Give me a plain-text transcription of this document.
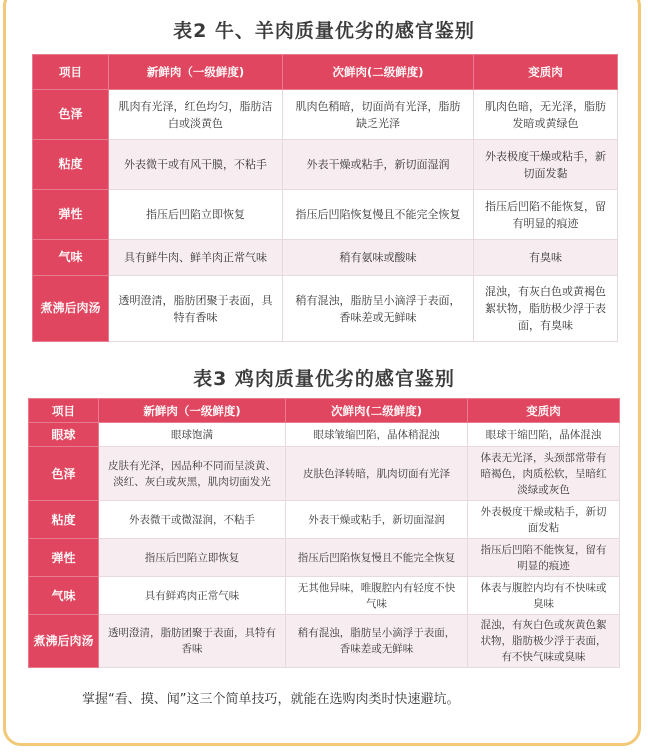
表2 牛、羊肉质量优劣的感官鉴别
项目	新鲜肉（一级鲜度)	次鲜肉(二级鲜度)	变质肉
色泽	肌肉有光泽，红色均匀，脂肪洁白或淡黄色	肌肉色稍暗，切面尚有光泽，脂肪缺乏光泽	肌肉色暗，无光泽，脂肪发暗或黄绿色
粘度	外表微干或有风干膜，不粘手	外表干燥或粘手，新切面湿润	外表极度干燥或粘手，新切面发黏
弹性	指压后凹陷立即恢复	指压后凹陷恢复慢且不能完全恢复	指压后凹陷不能恢复，留有明显的痕迹
气味	具有鲜牛肉、鲜羊肉正常气味	稍有氨味或酸味	有臭味
煮沸后肉汤	透明澄清，脂肪团聚于表面，具特有香味	稍有混浊，脂肪呈小滴浮于表面，香味差或无鲜味	混浊，有灰白色或黄褐色絮状物，脂肪极少浮于表面，有臭味
表3 鸡肉质量优劣的感官鉴别
项目	新鲜肉（一级鲜度)	次鲜肉(二级鲜度)	变质肉
眼球	眼球饱满	眼球皱缩凹陷，晶体稍混浊	眼球干缩凹陷，晶体混浊
色泽	皮肤有光泽，因品种不同而呈淡黄、淡红、灰白或灰黑，肌肉切面发光	皮肤色泽转暗，肌肉切面有光泽	体表无光泽，头颈部常带有暗褐色，肉质松软，呈暗红淡绿或灰色
粘度	外表微干或微湿润，不粘手	外表干燥或粘手，新切面湿润	外表极度干燥或粘手，新切面发粘
弹性	指压后凹陷立即恢复	指压后凹陷恢复慢且不能完全恢复	指压后凹陷不能恢复，留有明显的痕迹
气味	具有鲜鸡肉正常气味	无其他异味，唯腹腔内有轻度不快气味	体表与腹腔内均有不快味或臭味
煮沸后肉汤	透明澄清，脂肪团聚于表面，具特有香味	稍有混浊，脂肪呈小滴浮于表面，香味差或无鲜味	混浊，有灰白色或灰黄色絮状物，脂肪极少浮于表面，有不快气味或臭味
掌握“看、摸、闻”这三个简单技巧，就能在选购肉类时快速避坑。
